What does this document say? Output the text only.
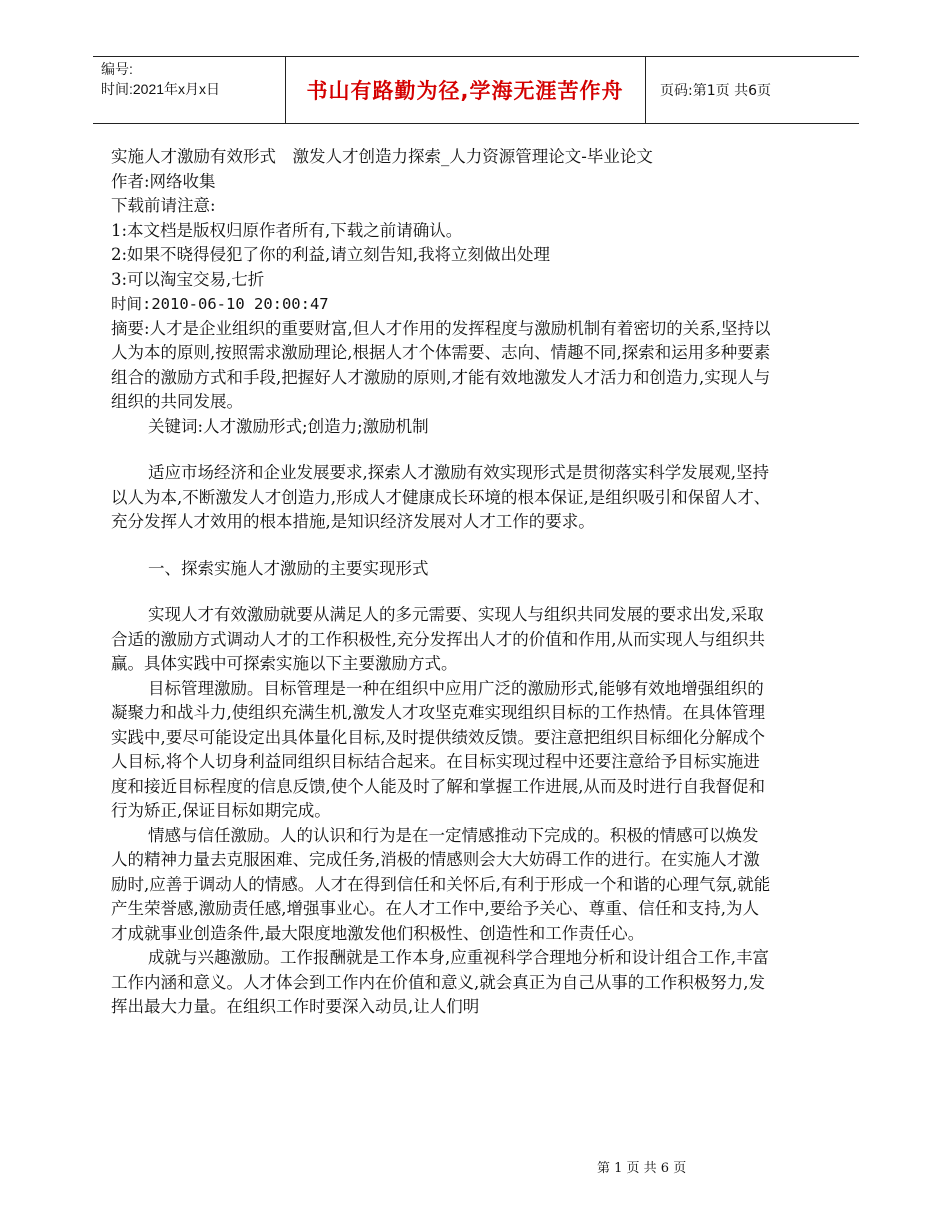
编号:
时间:2021年x月x日	书山有路勤为径,学海无涯苦作舟	页码:第1页 共6页

实施人才激励有效形式　激发人才创造力探索_人力资源管理论文-毕业论文

作者:网络收集

下载前请注意:

1:本文档是版权归原作者所有,下载之前请确认。

2:如果不晓得侵犯了你的利益,请立刻告知,我将立刻做出处理

3:可以淘宝交易,七折

时间:2010-06-10 20:00:47

摘要:人才是企业组织的重要财富,但人才作用的发挥程度与激励机制有着密切的关系,坚持以人为本的原则,按照需求激励理论,根据人才个体需要、志向、情趣不同,探索和运用多种要素组合的激励方式和手段,把握好人才激励的原则,才能有效地激发人才活力和创造力,实现人与组织的共同发展。

关键词:人才激励形式;创造力;激励机制

适应市场经济和企业发展要求,探索人才激励有效实现形式是贯彻落实科学发展观,坚持以人为本,不断激发人才创造力,形成人才健康成长环境的根本保证,是组织吸引和保留人才、充分发挥人才效用的根本措施,是知识经济发展对人才工作的要求。

一、探索实施人才激励的主要实现形式

实现人才有效激励就要从满足人的多元需要、实现人与组织共同发展的要求出发,采取合适的激励方式调动人才的工作积极性,充分发挥出人才的价值和作用,从而实现人与组织共赢。具体实践中可探索实施以下主要激励方式。

目标管理激励。目标管理是一种在组织中应用广泛的激励形式,能够有效地增强组织的凝聚力和战斗力,使组织充满生机,激发人才攻坚克难实现组织目标的工作热情。在具体管理实践中,要尽可能设定出具体量化目标,及时提供绩效反馈。要注意把组织目标细化分解成个人目标,将个人切身利益同组织目标结合起来。在目标实现过程中还要注意给予目标实施进度和接近目标程度的信息反馈,使个人能及时了解和掌握工作进展,从而及时进行自我督促和行为矫正,保证目标如期完成。

情感与信任激励。人的认识和行为是在一定情感推动下完成的。积极的情感可以焕发人的精神力量去克服困难、完成任务,消极的情感则会大大妨碍工作的进行。在实施人才激励时,应善于调动人的情感。人才在得到信任和关怀后,有利于形成一个和谐的心理气氛,就能产生荣誉感,激励责任感,增强事业心。在人才工作中,要给予关心、尊重、信任和支持,为人才成就事业创造条件,最大限度地激发他们积极性、创造性和工作责任心。

成就与兴趣激励。工作报酬就是工作本身,应重视科学合理地分析和设计组合工作,丰富工作内涵和意义。人才体会到工作内在价值和意义,就会真正为自己从事的工作积极努力,发挥出最大力量。在组织工作时要深入动员,让人们明

第 1 页 共 6 页
